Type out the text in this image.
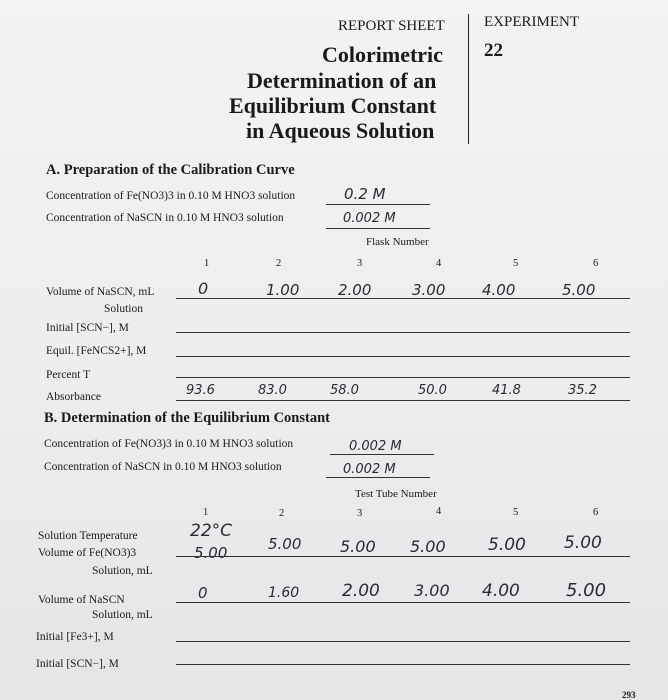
REPORT SHEET	EXPERIMENT
22
Colorimetric
Determination of an
Equilibrium Constant
in Aqueous Solution
A. Preparation of the Calibration Curve
Concentration of Fe(NO3)3 in 0.10 M HNO3 solution	0.2 M
Concentration of NaSCN in 0.10 M HNO3 solution	0.002 M
Flask Number
1	2	3	4	5	6
Volume of NaSCN, mL
Solution
0	1.00	2.00	3.00 4.00	5.00
Initial [SCN−], M
Equil. [FeNCS2+], M
Percent T
Absorbance	93.6	83.0	58.0	50.0	41.8	35.2
B. Determination of the Equilibrium Constant
Concentration of Fe(NO3)3 in 0.10 M HNO3 solution	0.002 M
Concentration of NaSCN in 0.10 M HNO3 solution	0.002 M
Test Tube Number
1	2	3	4	5	6
Solution Temperature	22°C
Volume of Fe(NO3)3
Solution, mL
5.00	5.00 5.00 5.00 5.00 5.00
Volume of NaSCN
Solution, mL
0	1.60	2.00 3.00 4.00	5.00
Initial [Fe3+], M
Initial [SCN−], M
293
